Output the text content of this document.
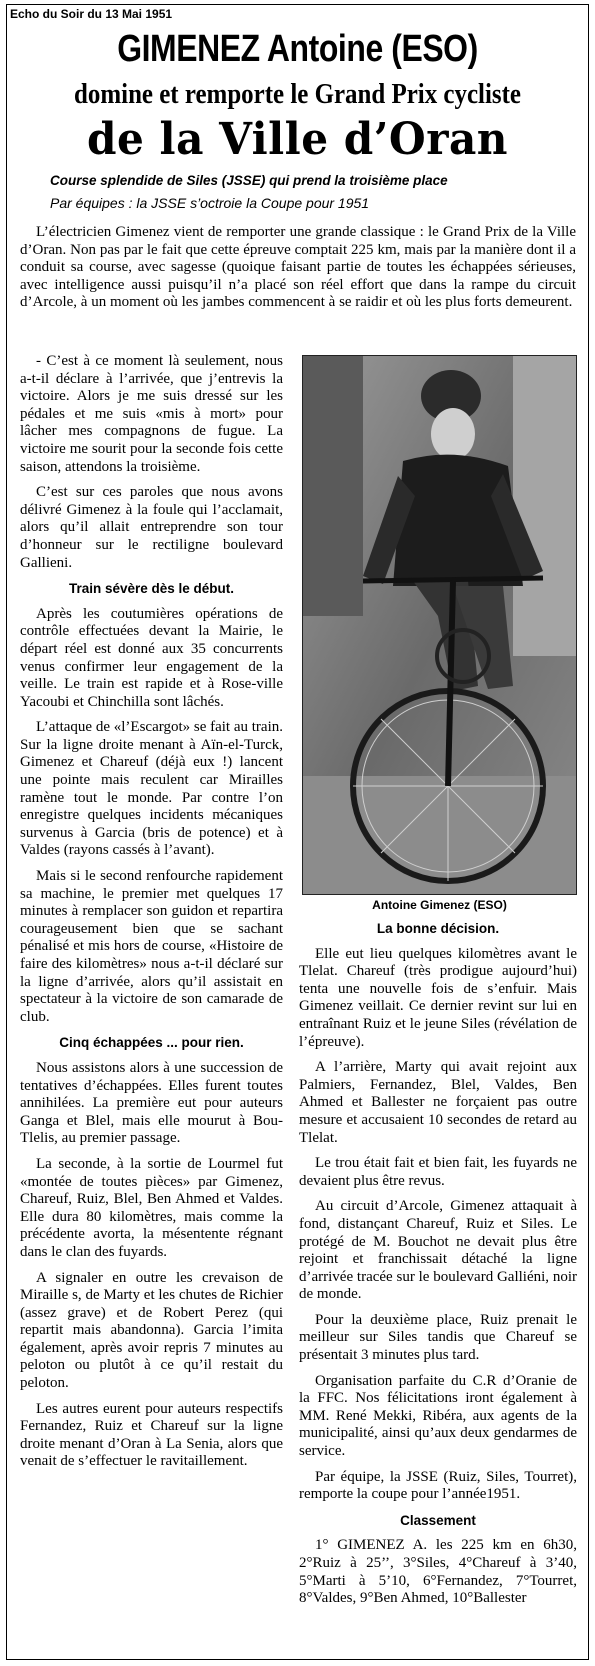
Echo du Soir du 13 Mai 1951
GIMENEZ Antoine (ESO)
domine et remporte le Grand Prix cycliste
de la Ville d’Oran
Course splendide de Siles (JSSE) qui prend la troisième place
Par équipes : la JSSE s’octroie la Coupe pour 1951

L’électricien Gimenez vient de remporter une grande classique : le Grand Prix de la Ville d’Oran. Non pas par le fait que cette épreuve comptait 225 km, mais par la manière dont il a conduit sa course, avec sagesse (quoique faisant partie de toutes les échappées sérieuses, avec intelligence aussi puisqu’il n’a placé son réel effort que dans la rampe du circuit d’Arcole, à un moment où les jambes commencent à se raidir et où les plus forts demeurent.

- C’est à ce moment là seulement, nous a-t-il déclare à l’arrivée, que j’entrevis la victoire. Alors je me suis dressé sur les pédales et me suis «mis à mort» pour lâcher mes compagnons de fugue. La victoire me sourit pour la seconde fois cette saison, attendons la troisième.

C’est sur ces paroles que nous avons délivré Gimenez à la foule qui l’acclamait, alors qu’il allait entreprendre son tour d’honneur sur le rectiligne boulevard Gallieni.

Train sévère dès le début.

Après les coutumières opérations de contrôle effectuées devant la Mairie, le départ réel est donné aux 35 concurrents venus confirmer leur engagement de la veille. Le train est rapide et à Rose-ville Yacoubi et Chinchilla sont lâchés.

L’attaque de «l’Escargot» se fait au train. Sur la ligne droite menant à Aïn-el-Turck, Gimenez et Chareuf (déjà eux !) lancent une pointe mais reculent car Mirailles ramène tout le monde. Par contre l’on enregistre quelques incidents mécaniques survenus à Garcia (bris de potence) et à Valdes (rayons cassés à l’avant).

Mais si le second renfourche rapidement sa machine, le premier met quelques 17 minutes à remplacer son guidon et repartira courageusement bien que se sachant pénalisé et mis hors de course, «Histoire de faire des kilomètres» nous a-t-il déclaré sur la ligne d’arrivée, alors qu’il assistait en spectateur à la victoire de son camarade de club.

Cinq échappées ... pour rien.

Nous assistons alors à une succession de tentatives d’échappées. Elles furent toutes annihilées. La première eut pour auteurs Ganga et Blel, mais elle mourut à Bou-Tlelis, au premier passage.

La seconde, à la sortie de Lourmel fut «montée de toutes pièces» par Gimenez, Chareuf, Ruiz, Blel, Ben Ahmed et Valdes. Elle dura 80 kilomètres, mais comme la précédente avorta, la mésentente régnant dans le clan des fuyards.

A signaler en outre les crevaison de Miraille s, de Marty et les chutes de Richier (assez grave) et de Robert Perez (qui repartit mais abandonna). Garcia l’imita également, après avoir repris 7 minutes au peloton ou plutôt à ce qu’il restait du peloton.

Les autres eurent pour auteurs respectifs Fernandez, Ruiz et Chareuf sur la ligne droite menant d’Oran à La Senia, alors que venait de s’effectuer le ravitaillement.

Antoine Gimenez (ESO)
La bonne décision.

Elle eut lieu quelques kilomètres avant le Tlelat. Chareuf (très prodigue aujourd’hui) tenta une nouvelle fois de s’enfuir. Mais Gimenez veillait. Ce dernier revint sur lui en entraînant Ruiz et le jeune Siles (révélation de l’épreuve).

A l’arrière, Marty qui avait rejoint aux Palmiers, Fernandez, Blel, Valdes, Ben Ahmed et Ballester ne forçaient pas outre mesure et accusaient 10 secondes de retard au Tlelat.

Le trou était fait et bien fait, les fuyards ne devaient plus être revus.

Au circuit d’Arcole, Gimenez attaquait à fond, distançant Chareuf, Ruiz et Siles. Le protégé de M. Bouchot ne devait plus être rejoint et franchissait détaché la ligne d’arrivée tracée sur le boulevard Galliéni, noir de monde.

Pour la deuxième place, Ruiz prenait le meilleur sur Siles tandis que Chareuf se présentait 3 minutes plus tard.

Organisation parfaite du C.R d’Oranie de la FFC. Nos félicitations iront également à MM. René Mekki, Ribéra, aux agents de la municipalité, ainsi qu’aux deux gendarmes de service.

Par équipe, la JSSE (Ruiz, Siles, Tourret), remporte la coupe pour l’année1951.

Classement

1° GIMENEZ A. les 225 km en 6h30, 2°Ruiz à 25’’, 3°Siles, 4°Chareuf à 3’40, 5°Marti à 5’10, 6°Fernandez, 7°Tourret, 8°Valdes, 9°Ben Ahmed, 10°Ballester
